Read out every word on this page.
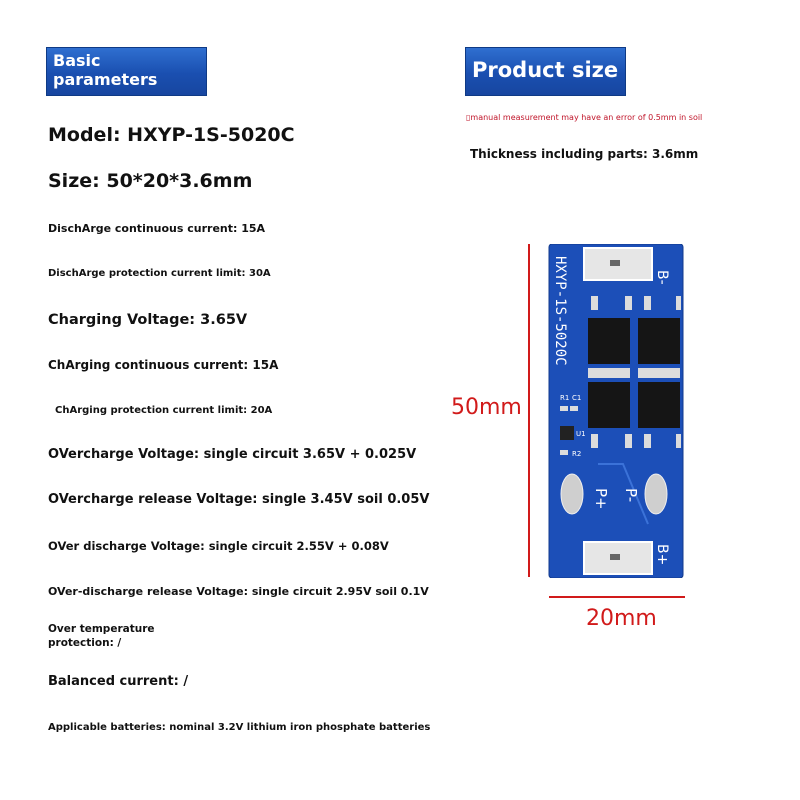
Basic
parameters
Model: HXYP-1S-5020C
Size: 50*20*3.6mm
DischArge continuous current: 15A
DischArge protection current limit: 30A
Charging Voltage: 3.65V
ChArging continuous current: 15A
ChArging protection current limit: 20A
OVercharge Voltage: single circuit 3.65V + 0.025V
OVercharge release Voltage: single 3.45V soil 0.05V
OVer discharge Voltage: single circuit 2.55V + 0.08V
OVer-discharge release Voltage: single circuit 2.95V soil 0.1V
Over temperature
protection: /
Balanced current: /
Applicable batteries: nominal 3.2V lithium iron phosphate batteries
Product size
▯manual measurement may have an error of 0.5mm in soil
Thickness including parts: 3.6mm
50mm
20mm
HXYP-1S-5020C	B-
B+
R1 C1
U1
R2
P+ P-
